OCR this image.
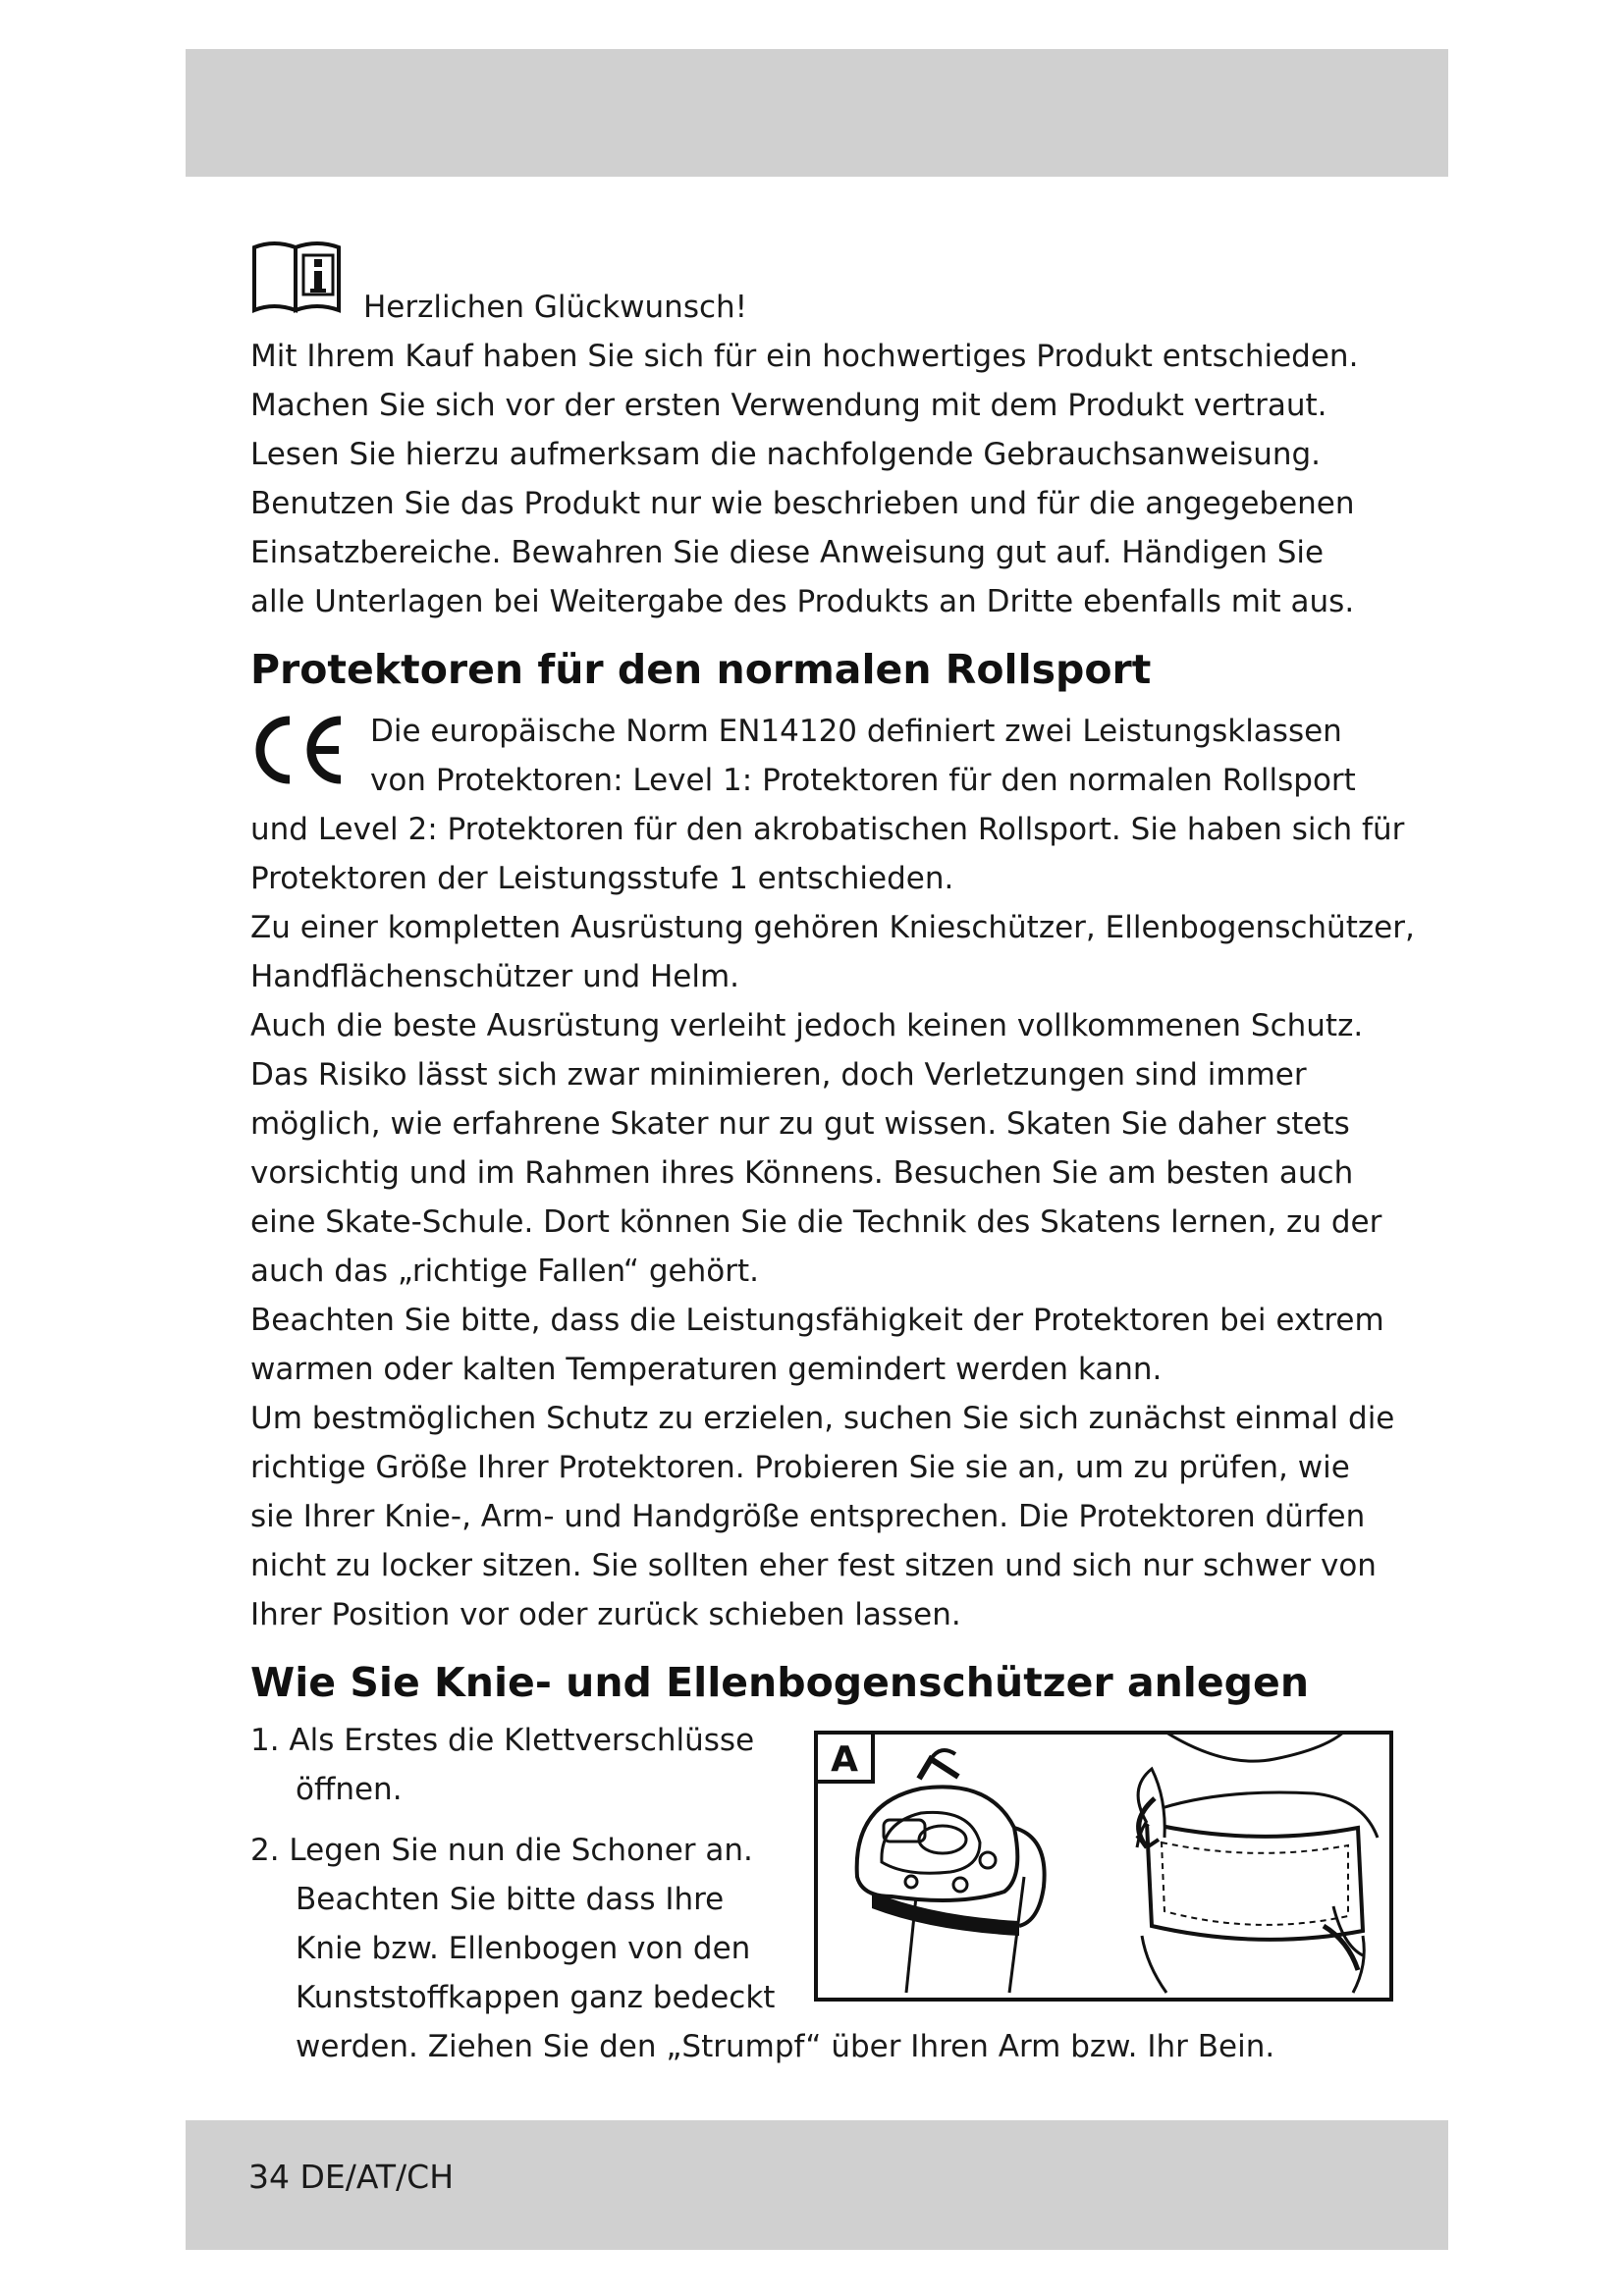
Herzlichen Glückwunsch!

Mit Ihrem Kauf haben Sie sich für ein hochwertiges Produkt entschieden.

Machen Sie sich vor der ersten Verwendung mit dem Produkt vertraut.

Lesen Sie hierzu aufmerksam die nachfolgende Gebrauchsanweisung.

Benutzen Sie das Produkt nur wie beschrieben und für die angegebenen

Einsatzbereiche. Bewahren Sie diese Anweisung gut auf. Händigen Sie

alle Unterlagen bei Weitergabe des Produkts an Dritte ebenfalls mit aus.

Protektoren für den normalen Rollsport

Die europäische Norm EN14120 definiert zwei Leistungsklassen

von Protektoren: Level 1: Protektoren für den normalen Rollsport

und Level 2: Protektoren für den akrobatischen Rollsport. Sie haben sich für

Protektoren der Leistungsstufe 1 entschieden.

Zu einer kompletten Ausrüstung gehören Knieschützer, Ellenbogenschützer,

Handflächenschützer und Helm.

Auch die beste Ausrüstung verleiht jedoch keinen vollkommenen Schutz.

Das Risiko lässt sich zwar minimieren, doch Verletzungen sind immer

möglich, wie erfahrene Skater nur zu gut wissen. Skaten Sie daher stets

vorsichtig und im Rahmen ihres Könnens. Besuchen Sie am besten auch

eine Skate-Schule. Dort können Sie die Technik des Skatens lernen, zu der

auch das „richtige Fallen“ gehört.

Beachten Sie bitte, dass die Leistungsfähigkeit der Protektoren bei extrem

warmen oder kalten Temperaturen gemindert werden kann.

Um bestmöglichen Schutz zu erzielen, suchen Sie sich zunächst einmal die

richtige Größe Ihrer Protektoren. Probieren Sie sie an, um zu prüfen, wie

sie Ihrer Knie-, Arm- und Handgröße entsprechen. Die Protektoren dürfen

nicht zu locker sitzen. Sie sollten eher fest sitzen und sich nur schwer von

Ihrer Position vor oder zurück schieben lassen.

Wie Sie Knie- und Ellenbogenschützer anlegen

1. Als Erstes die Klettverschlüsse

öffnen.

2. Legen Sie nun die Schoner an.

Beachten Sie bitte dass Ihre

Knie bzw. Ellenbogen von den

Kunststoffkappen ganz bedeckt

werden. Ziehen Sie den „Strumpf“ über Ihren Arm bzw. Ihr Bein.

A
34 DE/AT/CH
